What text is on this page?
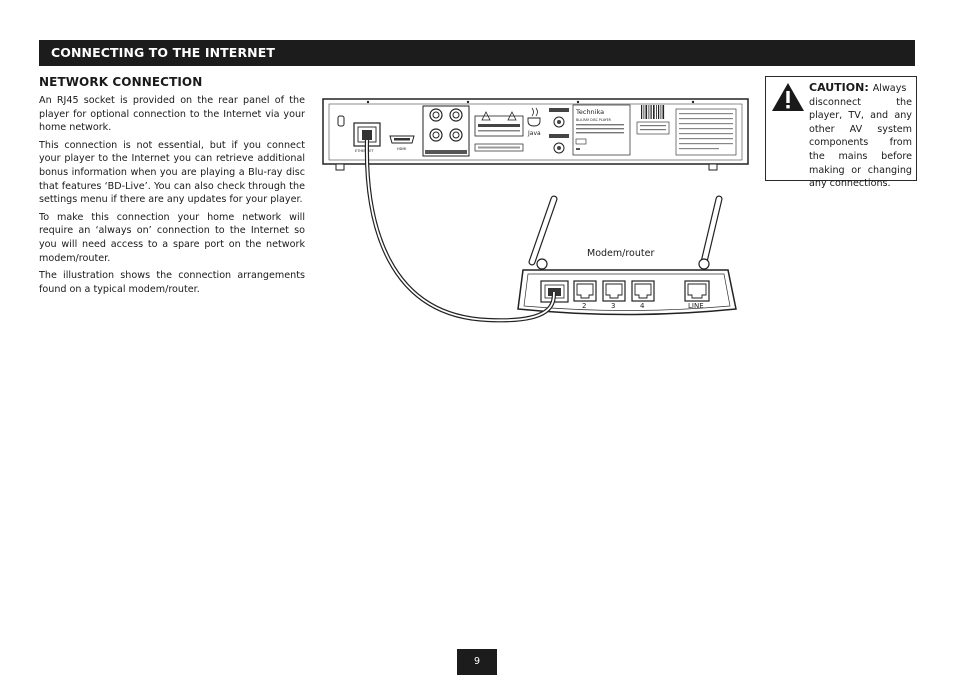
CONNECTING TO THE INTERNET
NETWORK CONNECTION

An RJ45 socket is provided on the rear panel of the player for optional connection to the Internet via your home network.

This connection is not essential, but if you connect your player to the Internet you can retrieve additional bonus information when you are playing a Blu-ray disc that features ‘BD-Live’. You can also check through the settings menu if there are any updates for your player.

To make this connection your home network will require an ‘always on’ connection to the Internet so you will need access to a spare port on the network modem/router.

The illustration shows the connection arrangements found on a typical modem/router.

CAUTION: Always disconnect the player, TV, and any other AV system components from the mains before making or changing any connections.
ETHERNET	HDMI
Java
Technika
BLU-RAY DISC PLAYER
Modem/router
2	3	4	LINE
9
